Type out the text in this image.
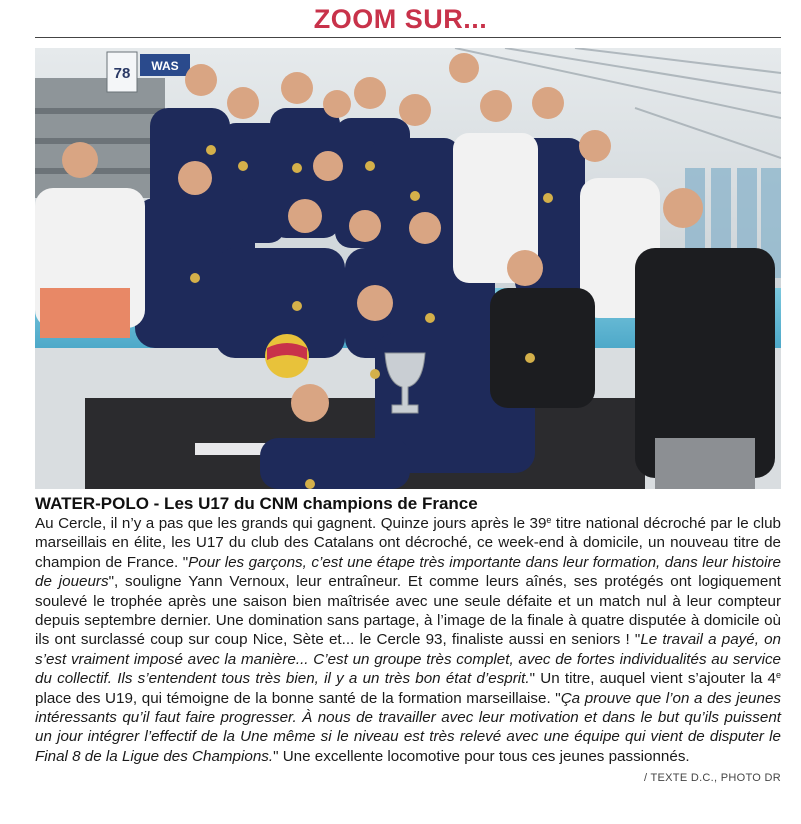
ZOOM SUR...
78 WAS
WATER-POLO - Les U17 du CNM champions de France
Au Cercle, il n’y a pas que les grands qui gagnent. Quinze jours après le 39e titre national décroché par le club marseillais en élite, les U17 du club des Catalans ont décroché, ce week-end à domicile, un nouveau titre de champion de France. "Pour les garçons, c’est une étape très importante dans leur formation, dans leur histoire de joueurs", souligne Yann Vernoux, leur entraîneur. Et comme leurs aînés, ses protégés ont logiquement soulevé le trophée après une saison bien maîtrisée avec une seule défaite et un match nul à leur compteur depuis septembre dernier. Une domination sans partage, à l’image de la finale à quatre disputée à domicile où ils ont surclassé coup sur coup Nice, Sète et... le Cercle 93, finaliste aussi en seniors ! "Le travail a payé, on s’est vraiment imposé avec la manière... C’est un groupe très complet, avec de fortes individualités au service du collectif. Ils s’entendent tous très bien, il y a un très bon état d’esprit." Un titre, auquel vient s’ajouter la 4e place des U19, qui témoigne de la bonne santé de la formation marseillaise. "Ça prouve que l’on a des jeunes intéressants qu’il faut faire progresser. À nous de travailler avec leur motivation et dans le but qu’ils puissent un jour intégrer l’effectif de la Une même si le niveau est très relevé avec une équipe qui vient de disputer le Final 8 de la Ligue des Champions." Une excellente locomotive pour tous ces jeunes passionnés.
/ TEXTE D.C., PHOTO DR
